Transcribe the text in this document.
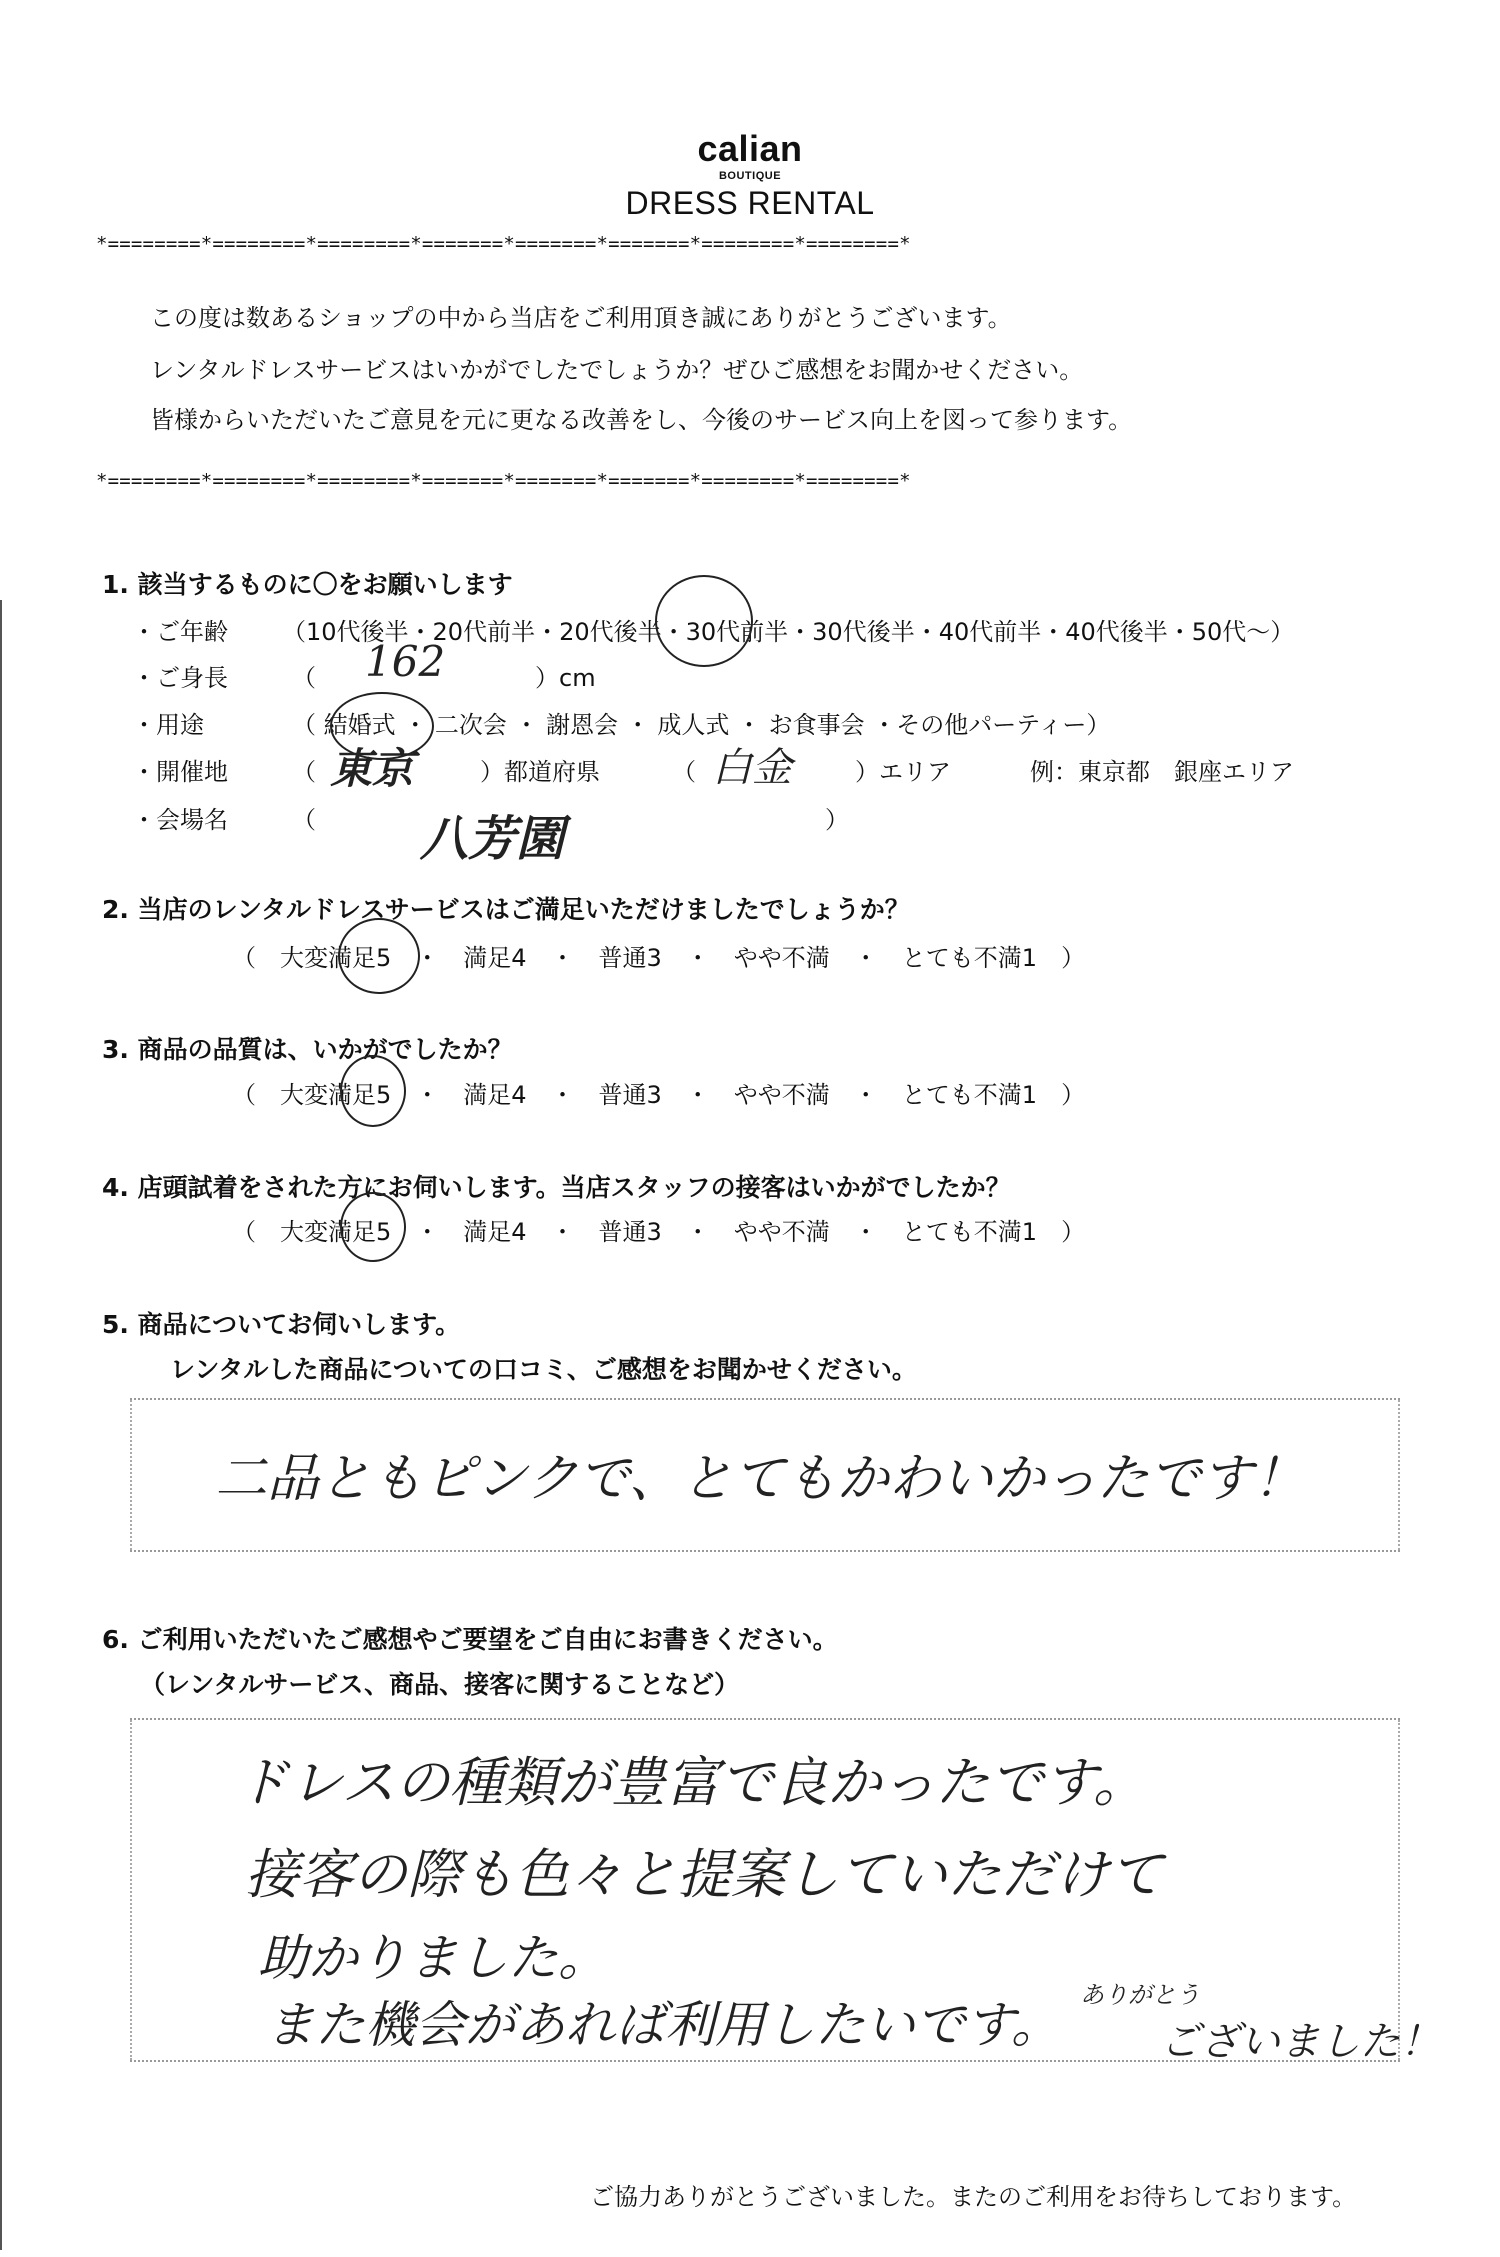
calian
BOUTIQUE
DRESS RENTAL
*========*========*========*=======*=======*=======*========*========*
この度は数あるショップの中から当店をご利用頂き誠にありがとうございます。
レンタルドレスサービスはいかがでしたでしょうか？ぜひご感想をお聞かせください。
皆様からいただいたご意見を元に更なる改善をし、今後のサービス向上を図って参ります。
*========*========*========*=======*=======*=======*========*========*
1. 該当するものに〇をお願いします
・ご年齢 （10代後半・20代前半・20代後半・30代前半・30代後半・40代前半・40代後半・50代〜）
・ご身長	（ 162	）cm
・用途	（ 結婚式 ・ 二次会 ・ 謝恩会 ・ 成人式 ・ お食事会 ・その他パーティー）
・開催地	（ 東京	）都道府県	（ 白金	）エリア	例：東京都　銀座エリア
・会場名	（ 八芳園	）
2. 当店のレンタルドレスサービスはご満足いただけましたでしょうか？
（　大変満足5　・　満足4　・　普通3　・　やや不満　・　とても不満1　）
3. 商品の品質は、いかがでしたか？
（　大変満足5　・　満足4　・　普通3　・　やや不満　・　とても不満1　）
4. 店頭試着をされた方にお伺いします。当店スタッフの接客はいかがでしたか？
（　大変満足5　・　満足4　・　普通3　・　やや不満　・　とても不満1　）
5. 商品についてお伺いします。
レンタルした商品についての口コミ、ご感想をお聞かせください。
二品ともピンクで、とてもかわいかったです！
6. ご利用いただいたご感想やご要望をご自由にお書きください。
（レンタルサービス、商品、接客に関することなど）
ドレスの種類が豊富で良かったです。
接客の際も色々と提案していただけて
助かりました。
また機会があれば利用したいです。
ありがとう
ございました！
ご協力ありがとうございました。またのご利用をお待ちしております。
